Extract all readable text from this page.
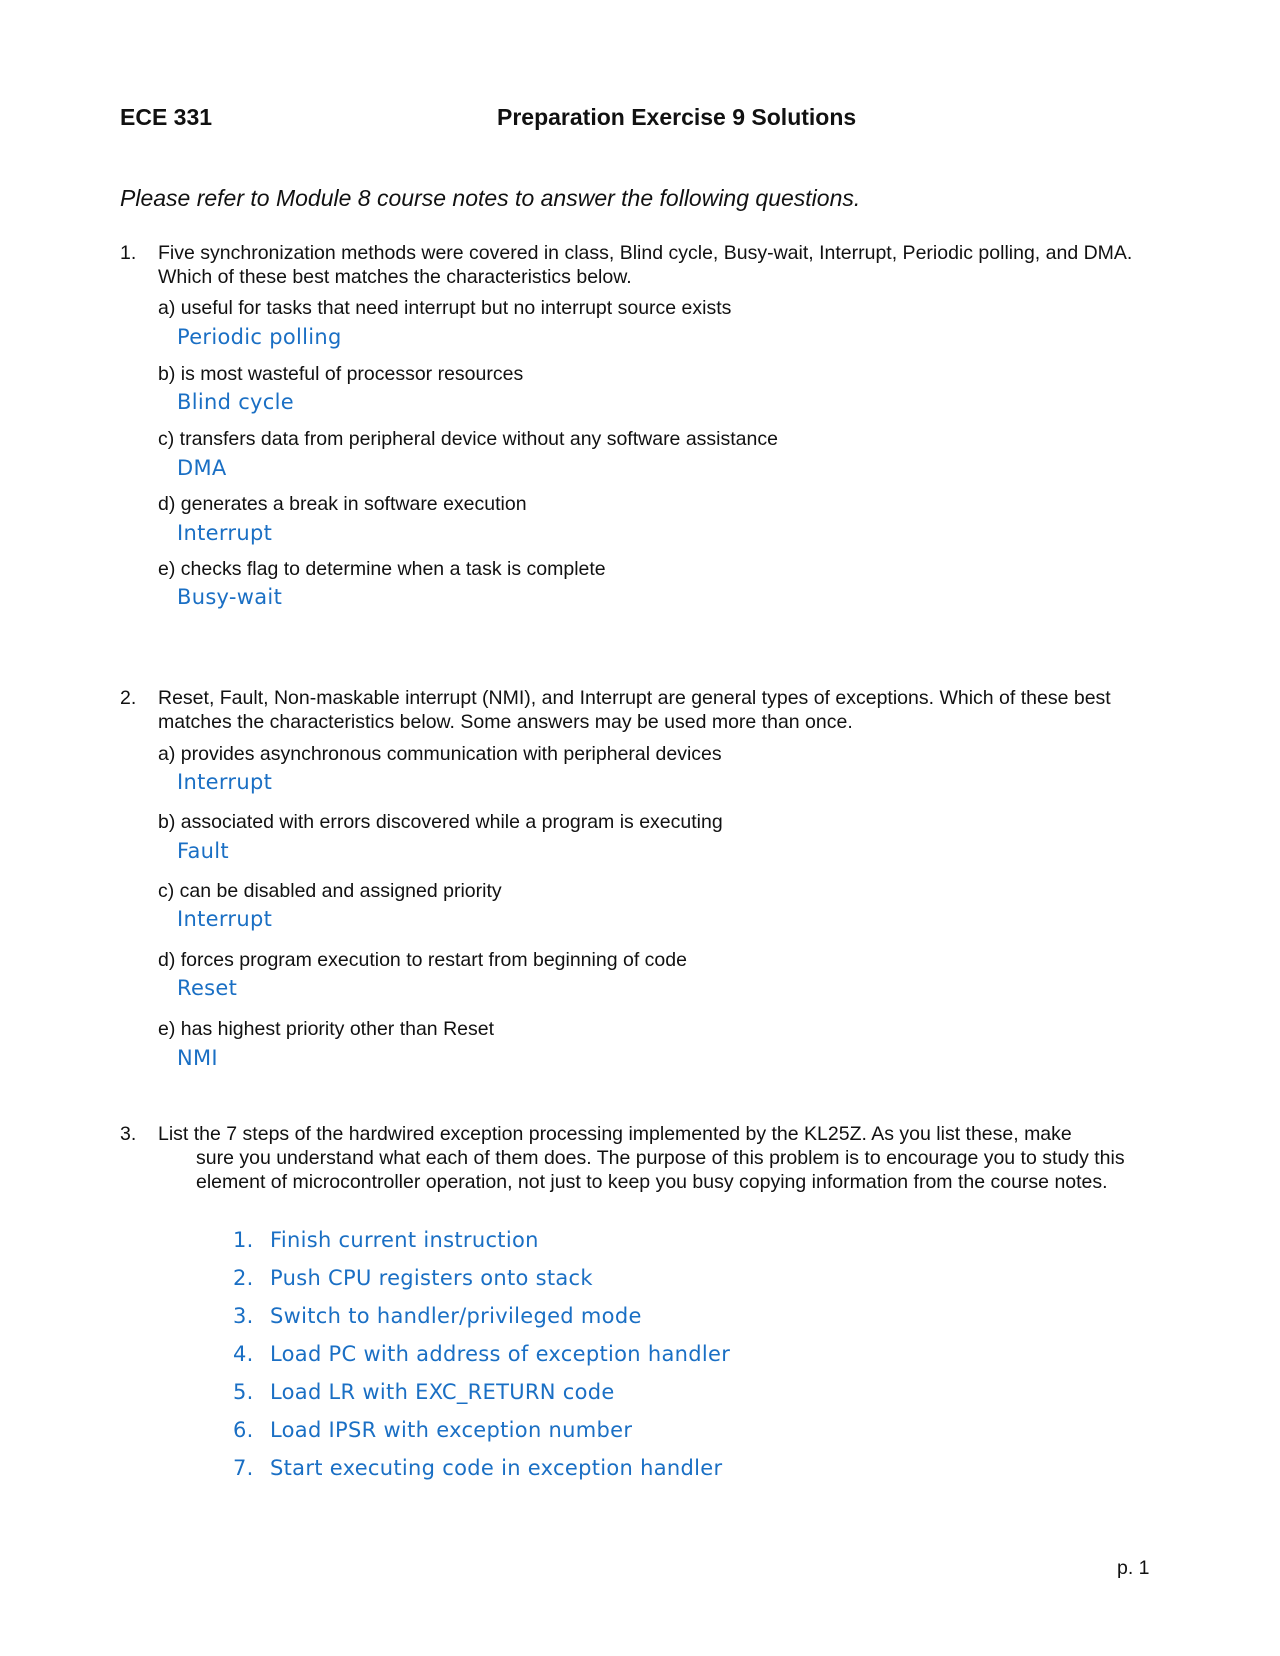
ECE 331	Preparation Exercise 9 Solutions
Please refer to Module 8 course notes to answer the following questions.
1. Five synchronization methods were covered in class, Blind cycle, Busy-wait, Interrupt, Periodic polling, and DMA. Which of these best matches the characteristics below.
a) useful for tasks that need interrupt but no interrupt source exists
Periodic polling
b) is most wasteful of processor resources
Blind cycle
c) transfers data from peripheral device without any software assistance
DMA
d) generates a break in software execution
Interrupt
e) checks flag to determine when a task is complete
Busy-wait
2. Reset, Fault, Non-maskable interrupt (NMI), and Interrupt are general types of exceptions. Which of these best matches the characteristics below. Some answers may be used more than once.
a) provides asynchronous communication with peripheral devices
Interrupt
b) associated with errors discovered while a program is executing
Fault
c) can be disabled and assigned priority
Interrupt
d) forces program execution to restart from beginning of code
Reset
e) has highest priority other than Reset
NMI
3. List the 7 steps of the hardwired exception processing implemented by the KL25Z. As you list these, make
sure you understand what each of them does. The purpose of this problem is to encourage you to study this element of microcontroller operation, not just to keep you busy copying information from the course notes.
1. Finish current instruction
2. Push CPU registers onto stack
3. Switch to handler/privileged mode
4. Load PC with address of exception handler
5. Load LR with EXC_RETURN code
6. Load IPSR with exception number
7. Start executing code in exception handler
p. 1
